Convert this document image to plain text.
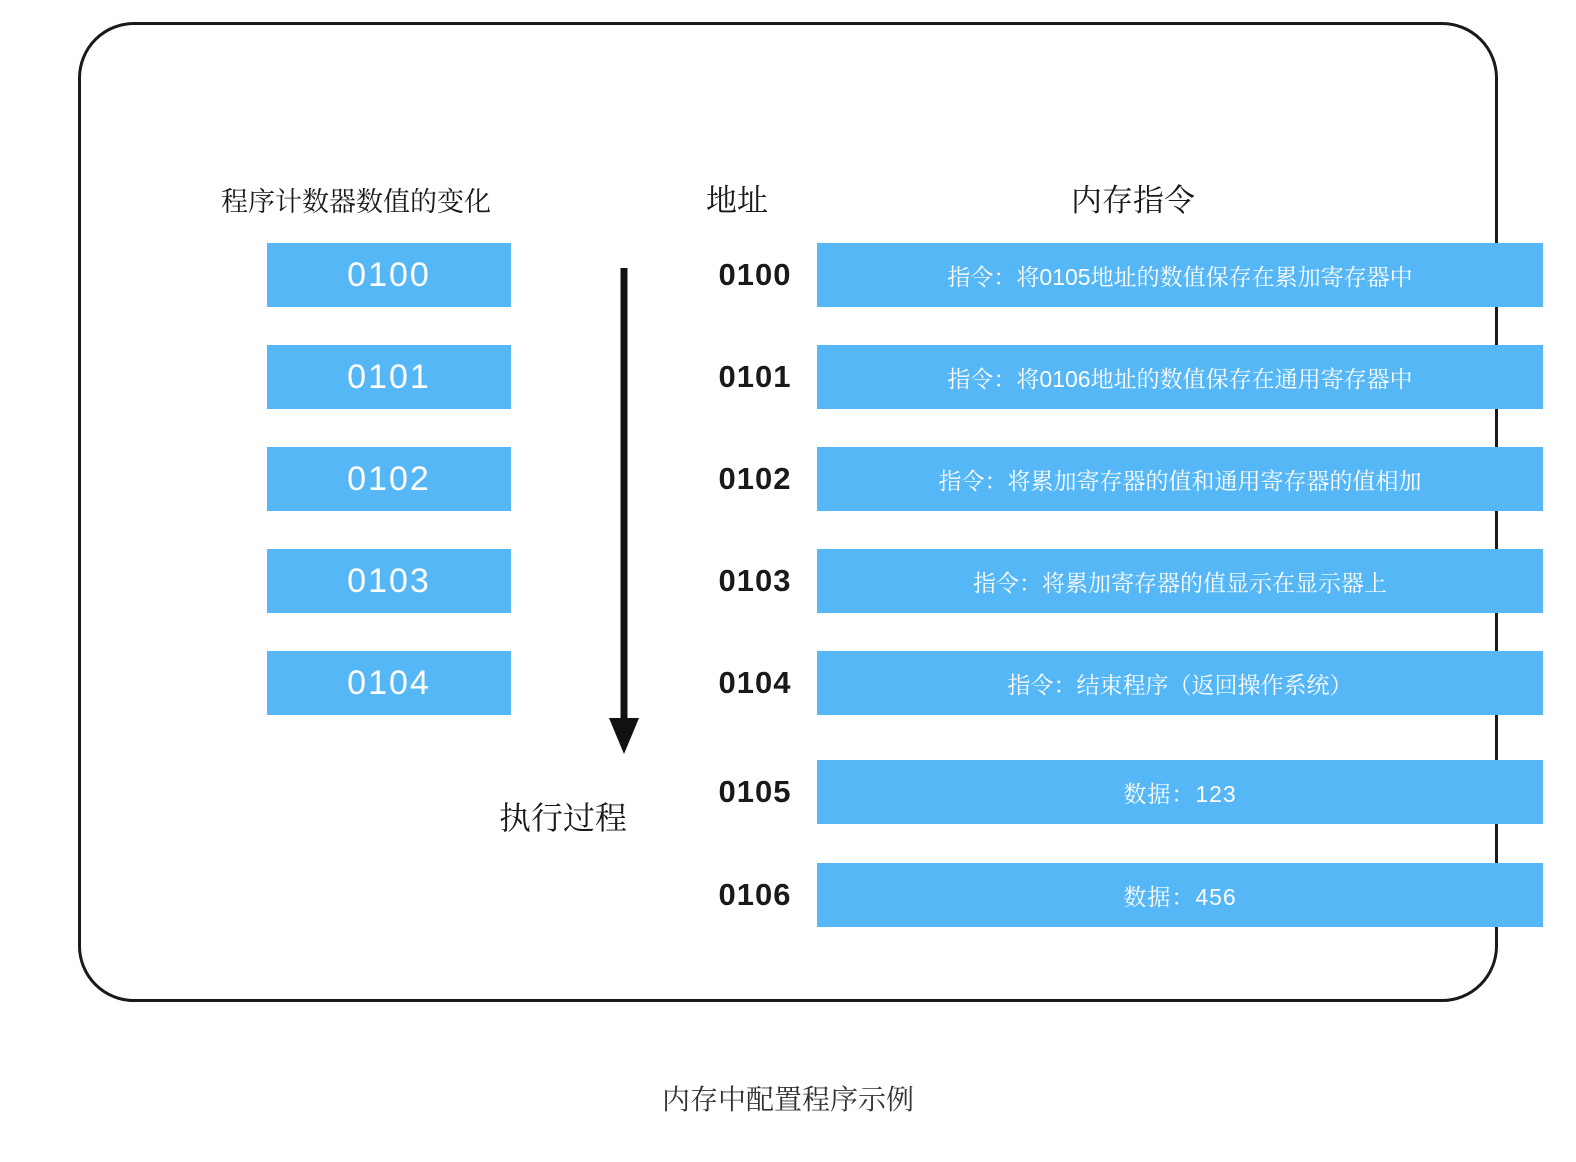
程序计数器数值的变化	地址	内存指令
0100
0101
0102
0103
0104
执行过程
0100
0101
0102
0103
0104
0105
0106
指令：将0105地址的数值保存在累加寄存器中
指令：将0106地址的数值保存在通用寄存器中
指令：将累加寄存器的值和通用寄存器的值相加
指令：将累加寄存器的值显示在显示器上
指令：结束程序（返回操作系统）
数据：123
数据：456
内存中配置程序示例
